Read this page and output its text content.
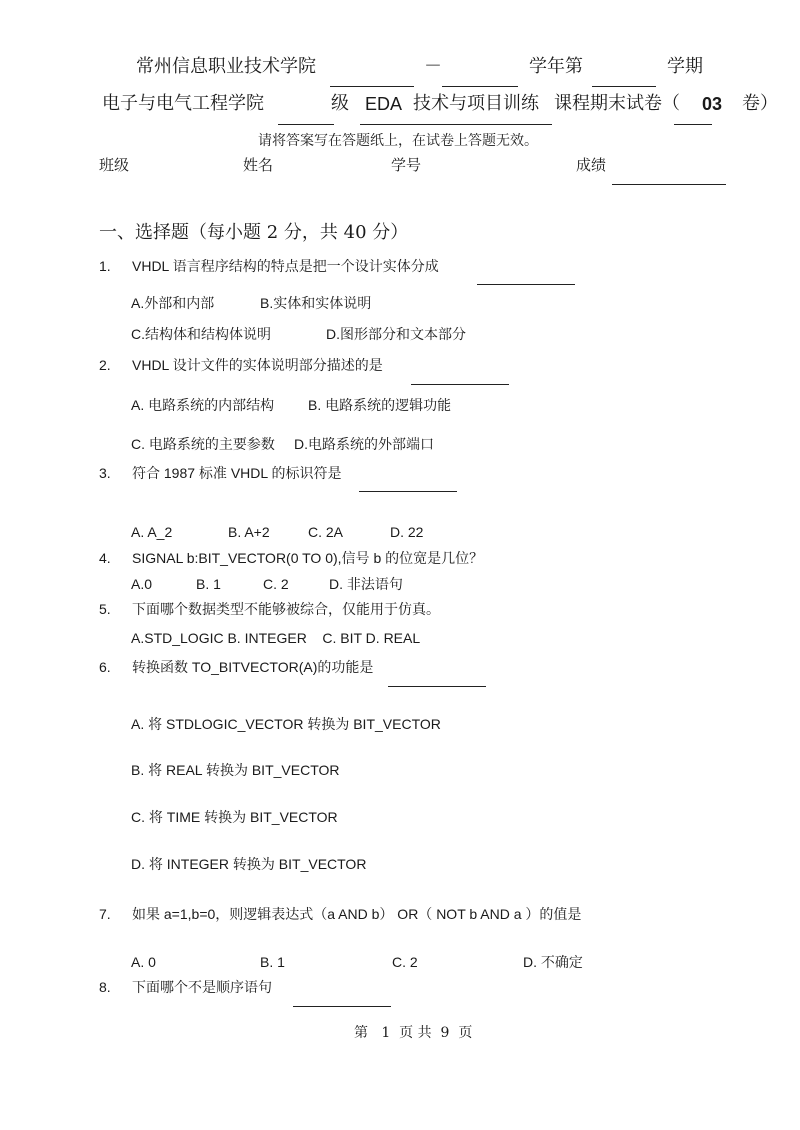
常州信息职业技术学院	－	学年第	学期
电子与电气工程学院	级 EDA 技术与项目训练 课程期末试卷（ 03 卷）
请将答案写在答题纸上，在试卷上答题无效。
班级	姓名	学号	成绩
一、选择题（每小题 2 分，共 40 分）
1. VHDL 语言程序结构的特点是把一个设计实体分成
A.外部和内部	B.实体和实体说明
C.结构体和结构体说明	D.图形部分和文本部分
2. VHDL 设计文件的实体说明部分描述的是
A. 电路系统的内部结构 B. 电路系统的逻辑功能
C. 电路系统的主要参数 D.电路系统的外部端口
3. 符合 1987 标准 VHDL 的标识符是
A. A_2	B. A+2	C. 2A	D. 22
4. SIGNAL b:BIT_VECTOR(0 TO 0),信号 b 的位宽是几位？
A.0	B. 1	C. 2	D. 非法语句
5. 下面哪个数据类型不能够被综合，仅能用于仿真。
A.STD_LOGIC B. INTEGER    C. BIT D. REAL
6. 转换函数 TO_BITVECTOR(A)的功能是
A. 将 STDLOGIC_VECTOR 转换为 BIT_VECTOR
B. 将 REAL 转换为 BIT_VECTOR
C. 将 TIME 转换为 BIT_VECTOR
D. 将 INTEGER 转换为 BIT_VECTOR
7. 如果 a=1,b=0，则逻辑表达式（a AND b） OR（ NOT b AND a ）的值是
A. 0	B. 1	C. 2	D. 不确定
8. 下面哪个不是顺序语句
第   1  页 共  9  页
